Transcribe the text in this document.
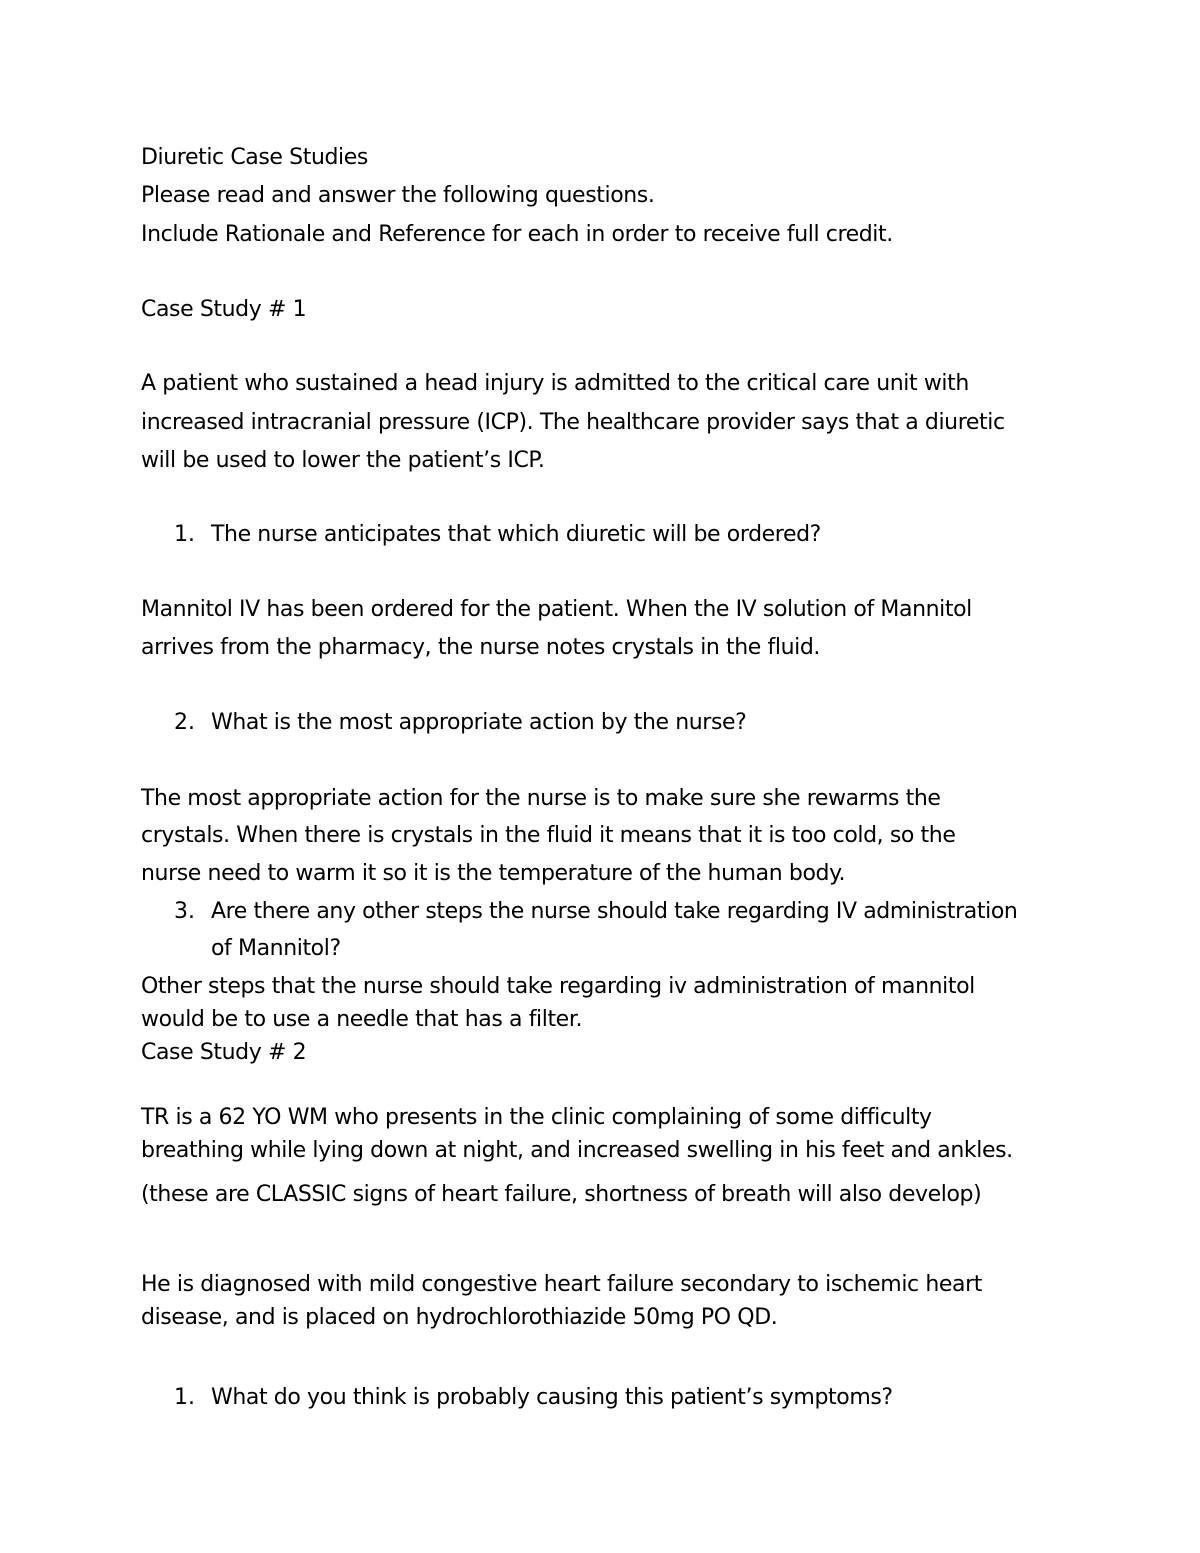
Diuretic Case Studies
Please read and answer the following questions.
Include Rationale and Reference for each in order to receive full credit.
Case Study # 1
A patient who sustained a head injury is admitted to the critical care unit with
increased intracranial pressure (ICP). The healthcare provider says that a diuretic
will be used to lower the patient’s ICP.
1. The nurse anticipates that which diuretic will be ordered?
Mannitol IV has been ordered for the patient. When the IV solution of Mannitol
arrives from the pharmacy, the nurse notes crystals in the fluid.
2. What is the most appropriate action by the nurse?
The most appropriate action for the nurse is to make sure she rewarms the
crystals. When there is crystals in the fluid it means that it is too cold, so the
nurse need to warm it so it is the temperature of the human body.
3. Are there any other steps the nurse should take regarding IV administration
of Mannitol?
Other steps that the nurse should take regarding iv administration of mannitol
would be to use a needle that has a filter.
Case Study # 2
TR is a 62 YO WM who presents in the clinic complaining of some difficulty
breathing while lying down at night, and increased swelling in his feet and ankles.
(these are CLASSIC signs of heart failure, shortness of breath will also develop)
He is diagnosed with mild congestive heart failure secondary to ischemic heart
disease, and is placed on hydrochlorothiazide 50mg PO QD.
1. What do you think is probably causing this patient’s symptoms?
